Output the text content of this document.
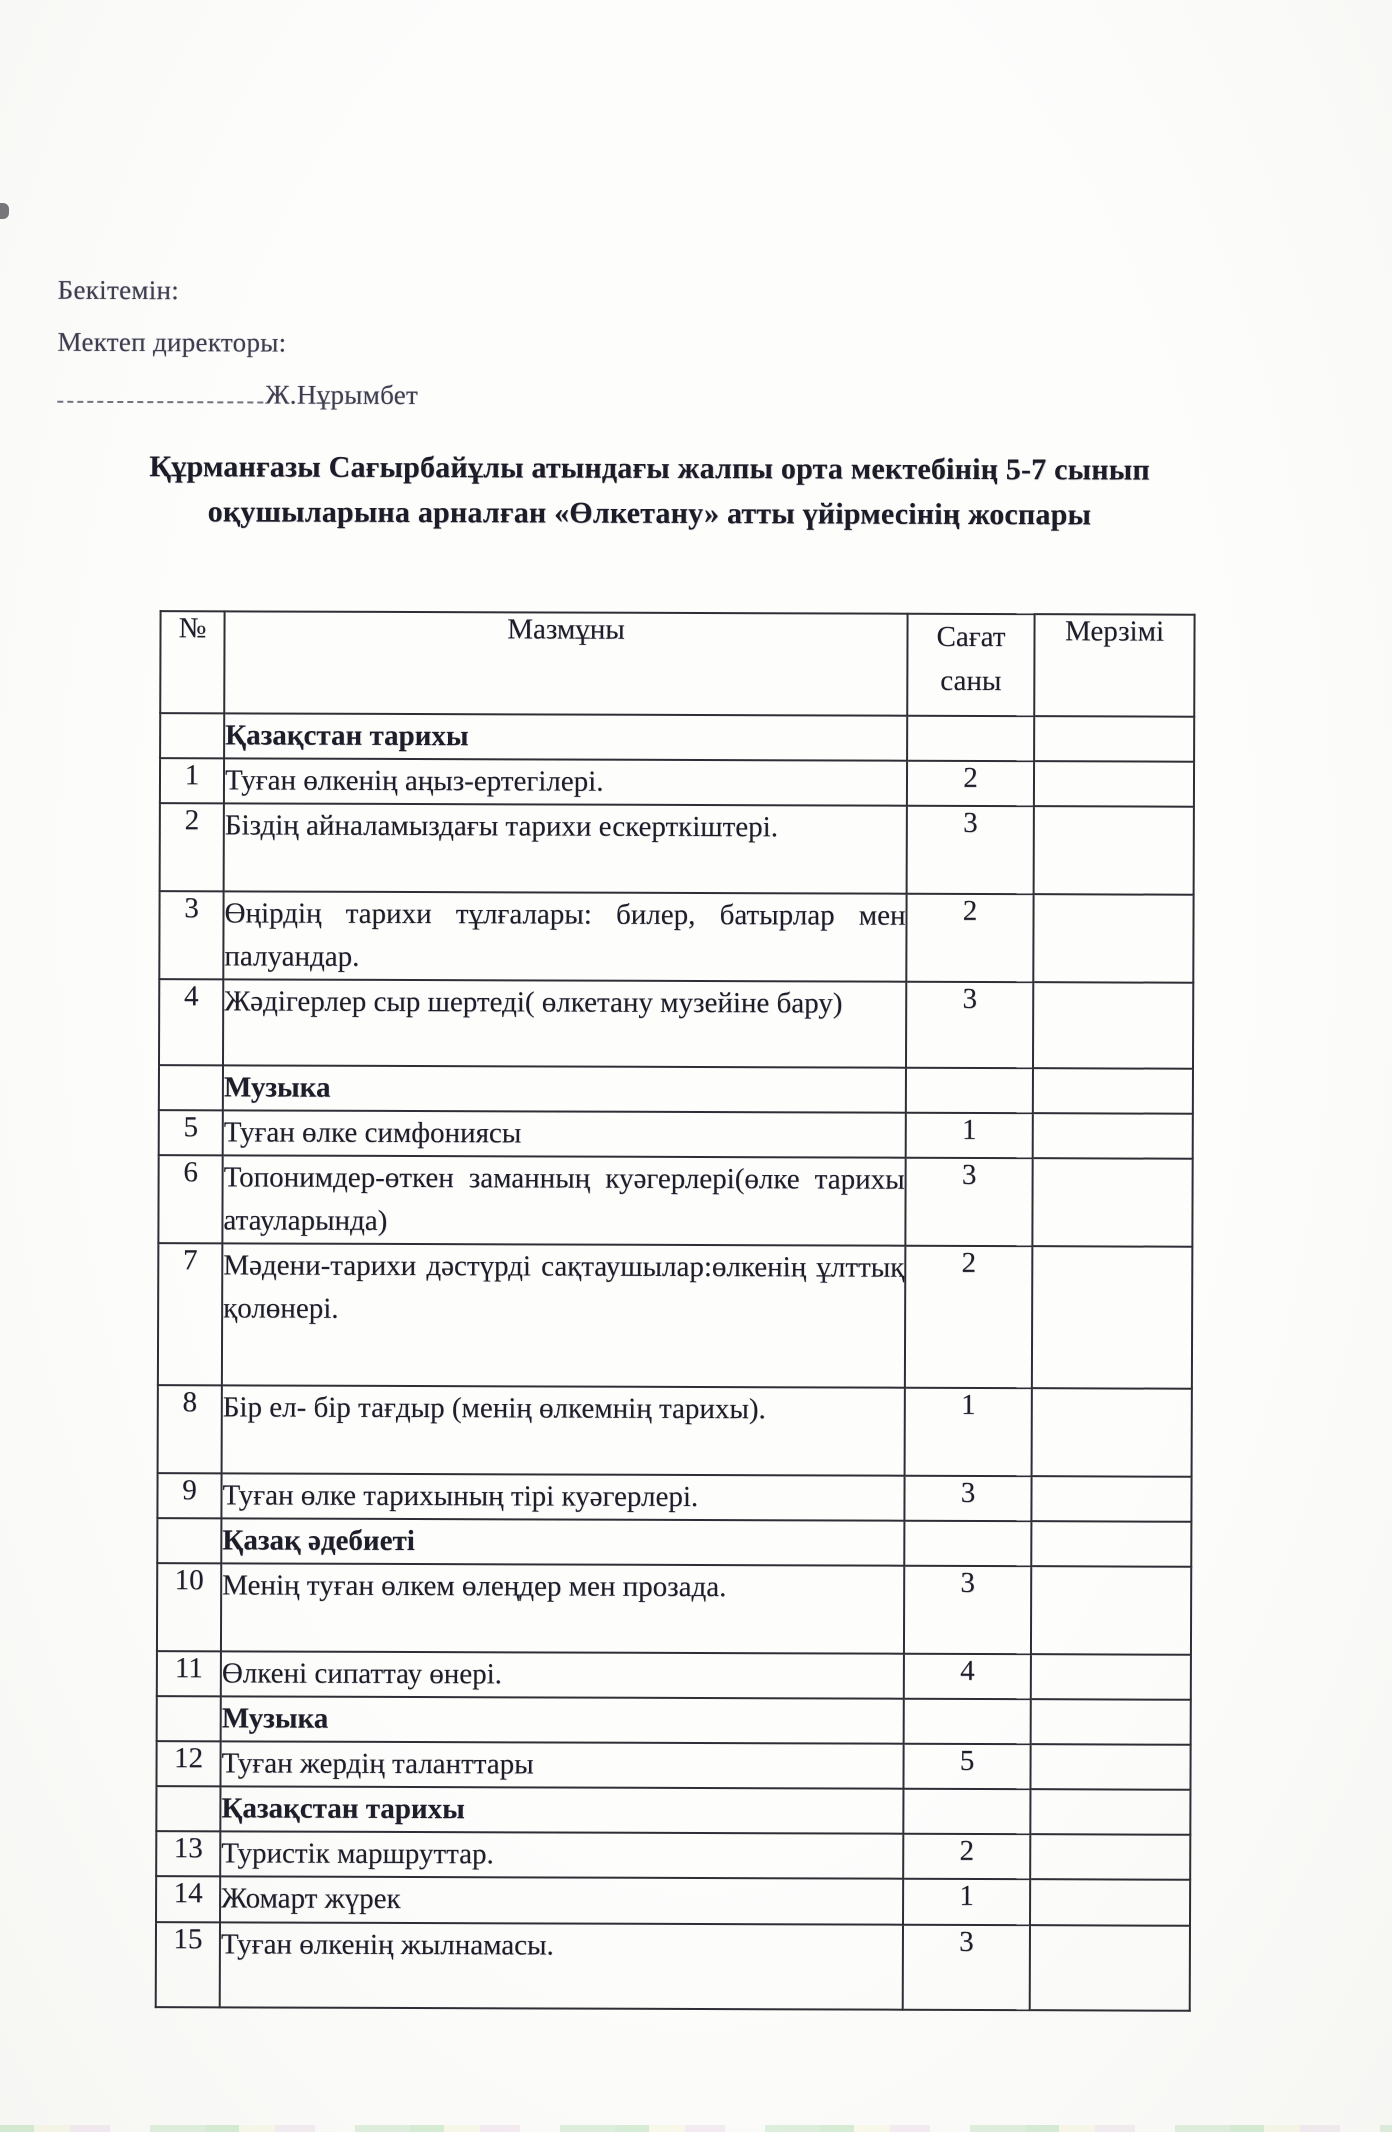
Бекітемін:
Мектеп директоры:
Ж.Нұрымбет
Құрманғазы Сағырбайұлы атындағы жалпы орта мектебінің 5-7 сынып
оқушыларына арналған «Өлкетану» атты үйірмесінің жоспары
№	Мазмұны	Сағат саны	Мерзімі
	Қазақстан тарихы		
1	Туған өлкенің аңыз-ертегілері.	2	
2	Біздің айналамыздағы тарихи ескерткіштері.	3	
3	Өңірдің тарихи тұлғалары: билер, батырлар мен палуандар.	2	
4	Жәдігерлер сыр шертеді( өлкетану музейіне бару)	3	
	Музыка		
5	Туған өлке симфониясы	1	
6	Топонимдер-өткен заманның куәгерлері(өлке тарихы атауларында)	3	
7	Мәдени-тарихи дәстүрді сақтаушылар:өлкенің ұлттық қолөнері.	2	
8	Бір ел- бір тағдыр (менің өлкемнің тарихы).	1	
9	Туған өлке тарихының тірі куәгерлері.	3	
	Қазақ әдебиеті		
10	Менің туған өлкем өлеңдер мен прозада.	3	
11	Өлкені сипаттау өнері.	4	
	Музыка		
12	Туған жердің таланттары	5	
	Қазақстан тарихы		
13	Туристік маршруттар.	2	
14	Жомарт жүрек	1	
15	Туған өлкенің жылнамасы.	3	
